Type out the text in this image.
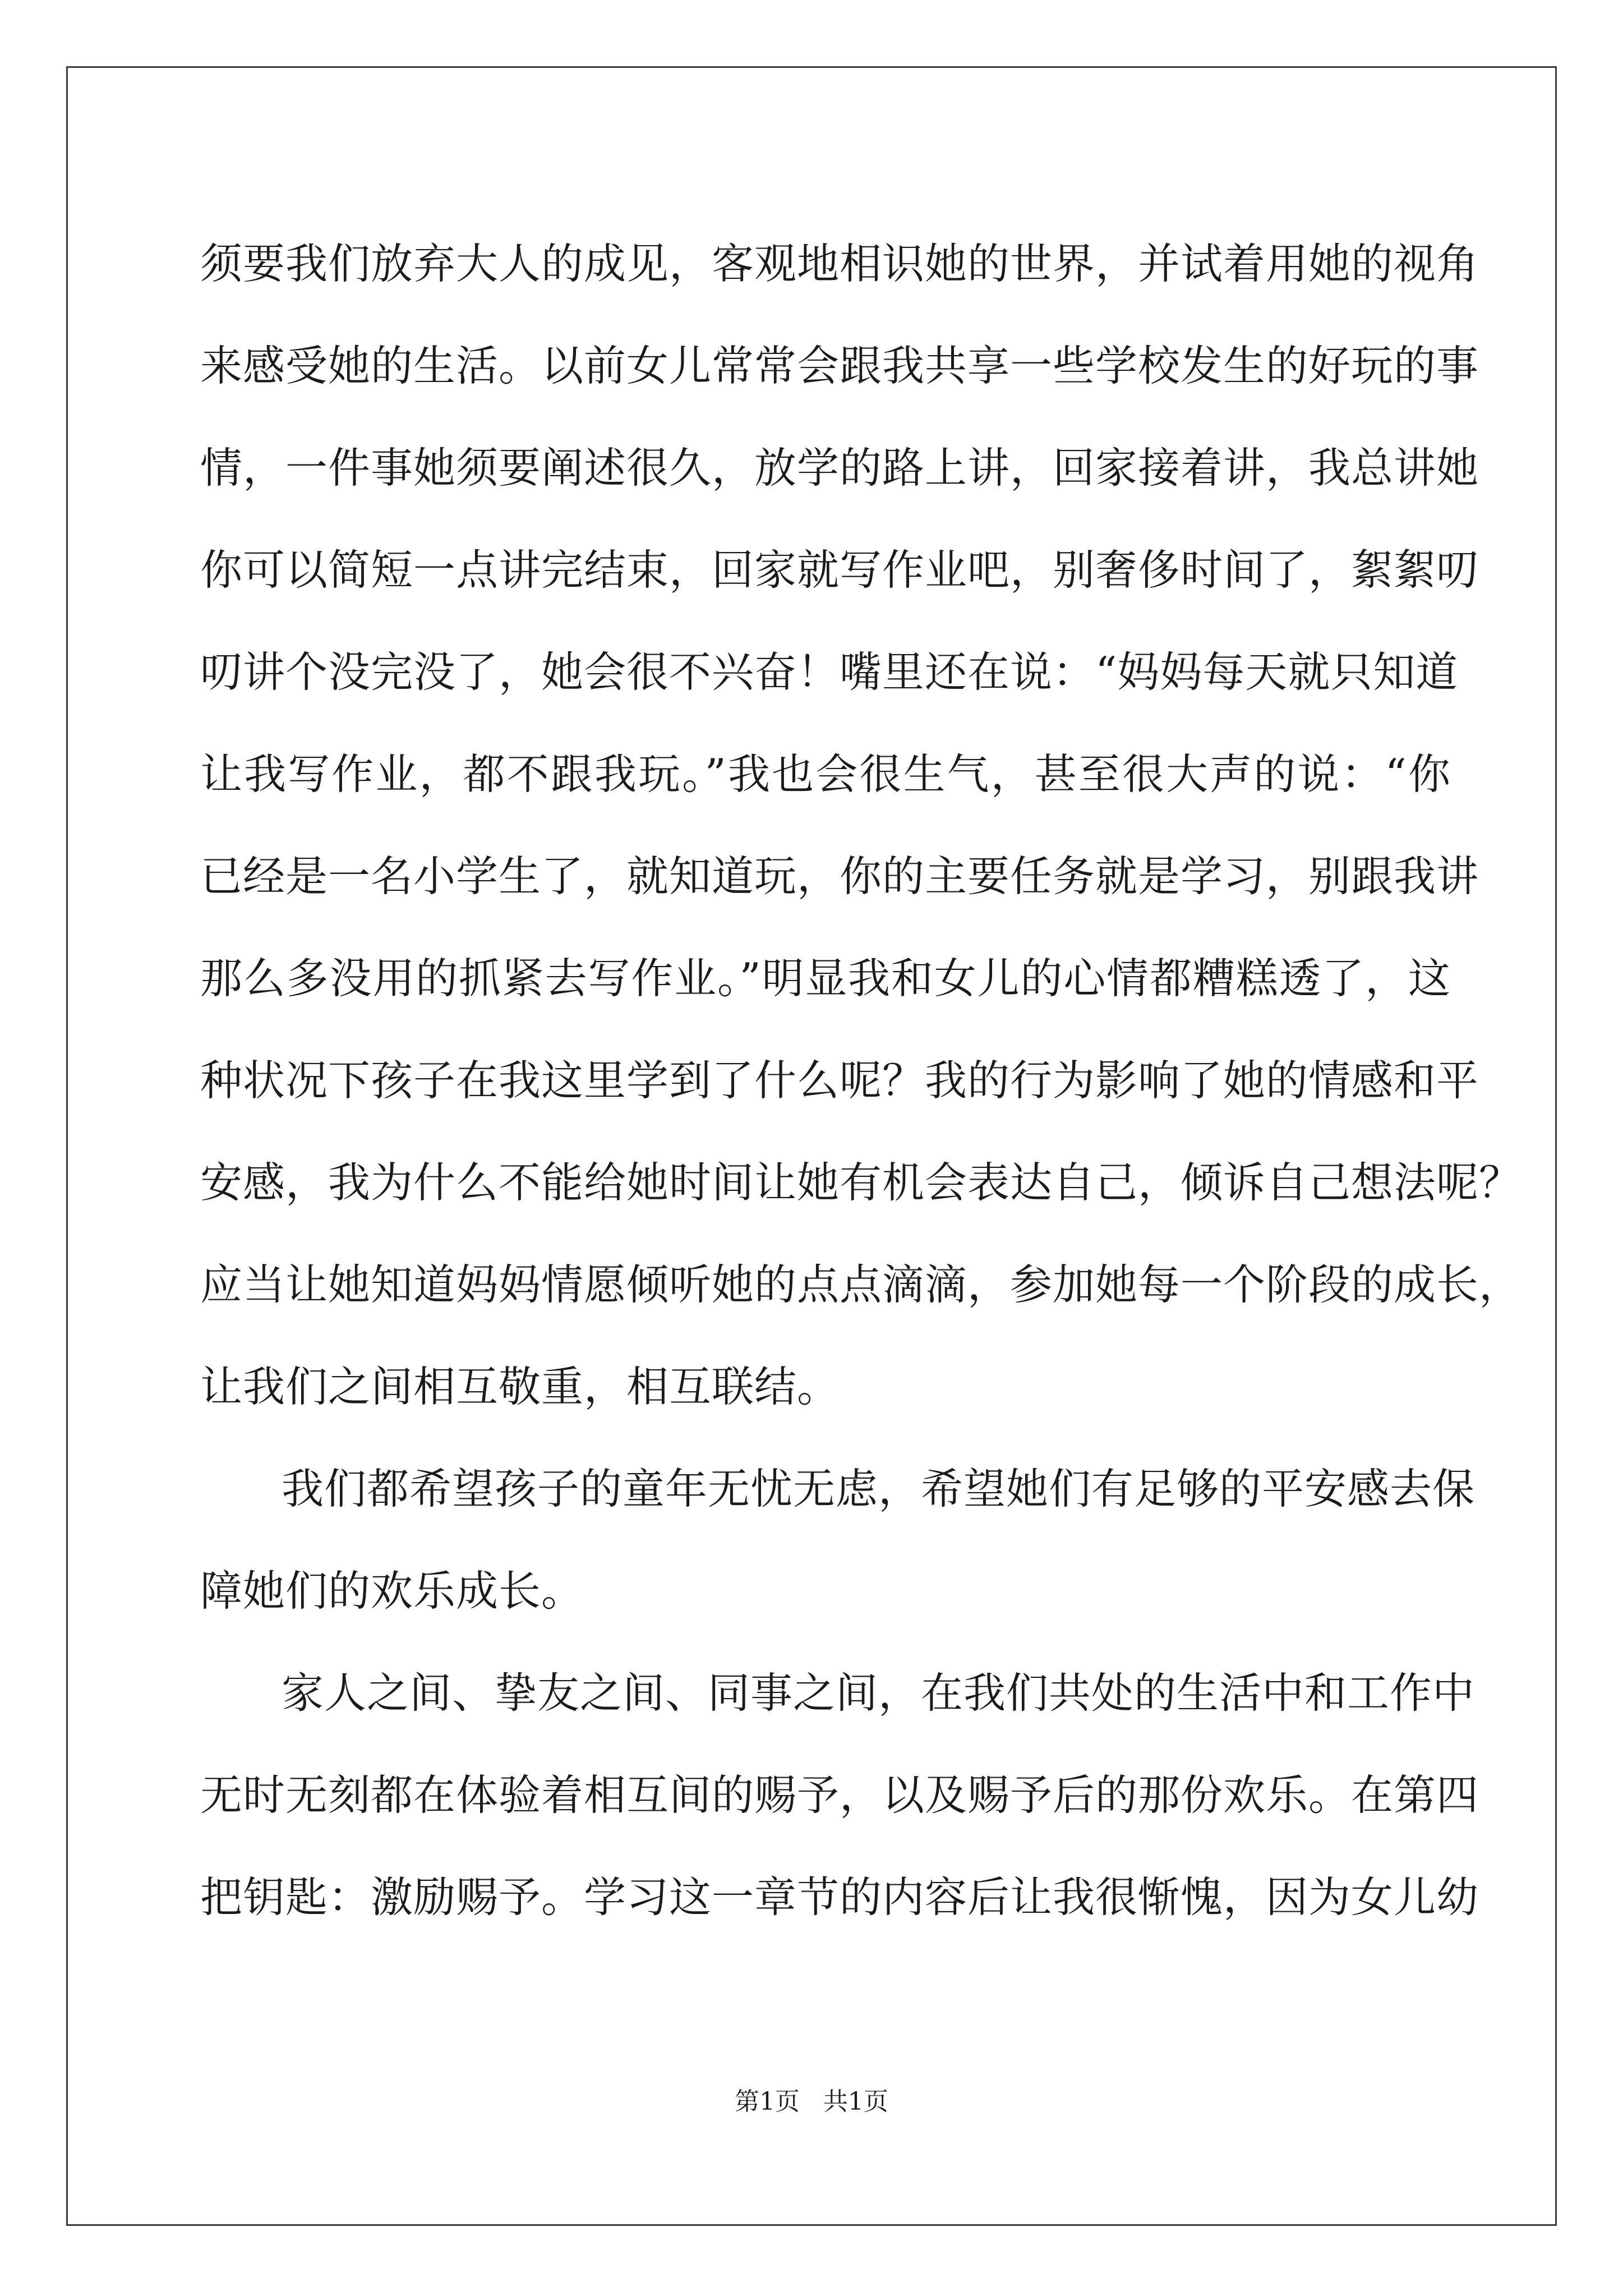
须要我们放弃大人的成见，客观地相识她的世界，并试着用她的视角
来感受她的生活。以前女儿常常会跟我共享一些学校发生的好玩的事
情，一件事她须要阐述很久，放学的路上讲，回家接着讲，我总讲她
你可以简短一点讲完结束，回家就写作业吧，别奢侈时间了，絮絮叨
叨讲个没完没了，她会很不兴奋！嘴里还在说：“妈妈每天就只知道
让我写作业，都不跟我玩。”我也会很生气，甚至很大声的说：“你
已经是一名小学生了，就知道玩，你的主要任务就是学习，别跟我讲
那么多没用的抓紧去写作业。”明显我和女儿的心情都糟糕透了，这
种状况下孩子在我这里学到了什么呢？我的行为影响了她的情感和平
安感，我为什么不能给她时间让她有机会表达自己，倾诉自己想法呢？
应当让她知道妈妈情愿倾听她的点点滴滴，参加她每一个阶段的成长，
让我们之间相互敬重，相互联结。
我们都希望孩子的童年无忧无虑，希望她们有足够的平安感去保
障她们的欢乐成长。
家人之间、挚友之间、同事之间，在我们共处的生活中和工作中
无时无刻都在体验着相互间的赐予，以及赐予后的那份欢乐。在第四
把钥匙：激励赐予。学习这一章节的内容后让我很惭愧，因为女儿幼
第1页   共1页
